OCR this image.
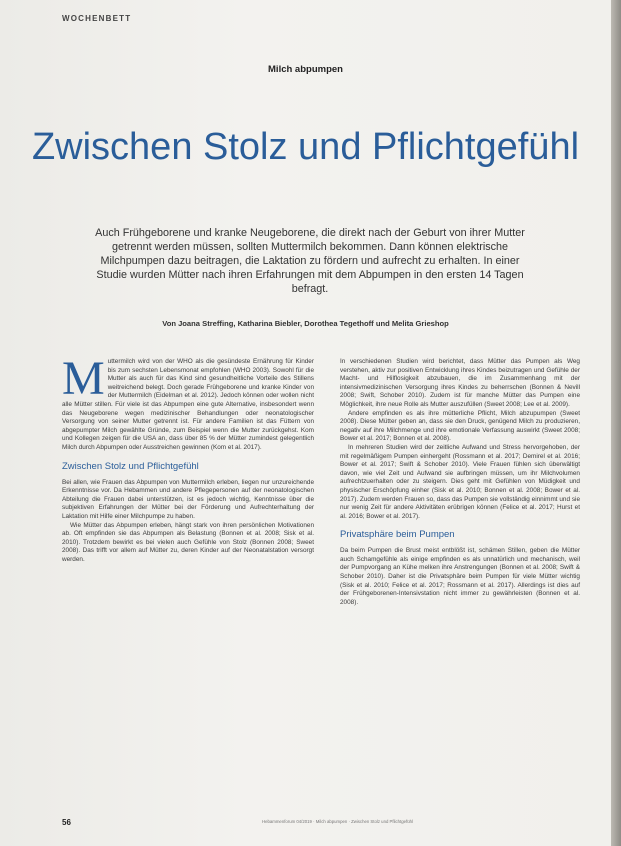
WOCHENBETT
Milch abpumpen
Zwischen Stolz und Pflichtgefühl
Auch Frühgeborene und kranke Neugeborene, die direkt nach der Geburt von ihrer Mutter getrennt werden müssen, sollten Muttermilch bekommen. Dann können elektrische Milchpumpen dazu beitragen, die Laktation zu fördern und aufrecht zu erhalten. In einer Studie wurden Mütter nach ihren Erfahrungen mit dem Abpumpen in den ersten 14 Tagen befragt.
Von Joana Streffing, Katharina Biebler, Dorothea Tegethoff und Melita Grieshop

Muttermilch wird von der WHO als die gesündeste Ernährung für Kinder bis zum sechsten Lebensmonat empfohlen (WHO 2003). Sowohl für die Mutter als auch für das Kind sind gesundheitliche Vorteile des Stillens weitreichend belegt. Doch gerade Frühgeborene und kranke Kinder von der Muttermilch (Eidelman et al. 2012). Jedoch können oder wollen nicht alle Mütter stillen. Für viele ist das Abpumpen eine gute Alternative, insbesondert wenn das Neugeborene wegen medizinischer Behandlungen oder neonatologischer Versorgung von seiner Mutter getrennt ist. Für andere Familien ist das Füttern von abgepumpter Milch gewählte Gründe, zum Beispiel wenn die Mutter zurückgehst. Kom und Kollegen zeigen für die USA an, dass über 85 % der Mütter zumindest gelegentlich Milch durch Abpumpen oder Ausstreichen gewinnen (Kom et al. 2017).

Zwischen Stolz und Pflichtgefühl

Bei allen, wie Frauen das Abpumpen von Muttermilch erleben, liegen nur unzureichende Erkenntnisse vor. Da Hebammen und andere Pflegepersonen auf der neonatologischen Abteilung die Frauen dabei unterstützen, ist es jedoch wichtig, Kenntnisse über die subjektiven Erfahrungen der Mütter bei der Förderung und Aufrechterhaltung der Laktation mit Hilfe einer Milchpumpe zu haben.

Wie Mütter das Abpumpen erleben, hängt stark von ihren persönlichen Motivationen ab. Oft empfinden sie das Abpumpen als Belastung (Bonnen et al. 2008; Sisk et al. 2010). Trotzdem bewirkt es bei vielen auch Gefühle von Stolz (Bonnen 2008; Sweet 2008). Das trifft vor allem auf Mütter zu, deren Kinder auf der Neonatalstation versorgt werden.

In verschiedenen Studien wird berichtet, dass Mütter das Pumpen als Weg verstehen, aktiv zur positiven Entwicklung ihres Kindes beizutragen und Gefühle der Macht- und Hilflosigkeit abzubauen, die im Zusammenhang mit der intensivmedizinischen Versorgung ihres Kindes zu beherrschen (Bonnen & Nevill 2008; Swift, Schober 2010). Zudem ist für manche Mütter das Pumpen eine Möglichkeit, ihre neue Rolle als Mutter auszufüllen (Sweet 2008; Lee et al. 2009).

Andere empfinden es als ihre mütterliche Pflicht, Milch abzupumpen (Sweet 2008). Diese Mütter geben an, dass sie den Druck, genügend Milch zu produzieren, negativ auf ihre Milchmenge und ihre emotionale Verfassung auswirkt (Sweet 2008; Bower et al. 2017; Bonnen et al. 2008).

In mehreren Studien wird der zeitliche Aufwand und Stress hervorgehoben, der mit regelmäßigem Pumpen einhergeht (Rossmann et al. 2017; Demirel et al. 2016; Bower et al. 2017; Swift & Schober 2010). Viele Frauen fühlen sich überwältigt davon, wie viel Zeit und Aufwand sie aufbringen müssen, um ihr Milchvolumen aufrechtzuerhalten oder zu steigern. Dies geht mit Gefühlen von Müdigkeit und physischer Erschöpfung einher (Sisk et al. 2010; Bonnen et al. 2008; Bower et al. 2017). Zudem werden Frauen so, dass das Pumpen sie vollständig einnimmt und sie nur wenig Zeit für andere Aktivitäten erübrigen können (Felice et al. 2017; Hurst et al. 2016; Bower et al. 2017).

Privatsphäre beim Pumpen

Da beim Pumpen die Brust meist entblößt ist, schämen Stillen, geben die Mütter auch Schamgefühle als einige empfinden es als unnatürlich und mechanisch, weil der Pumpvorgang an Kühe melken ihre Anstrengungen (Bonnen et al. 2008; Swift & Schober 2010). Daher ist die Privatsphäre beim Pumpen für viele Mütter wichtig (Sisk et al. 2010; Felice et al. 2017; Rossmann et al. 2017). Allerdings ist dies auf der Frühgeborenen-Intensivstation nicht immer zu gewährleisten (Bonnen et al. 2008).

56	Hebammenforum 04/2019 · Milch abpumpen · Zwischen Stolz und Pflichtgefühl
